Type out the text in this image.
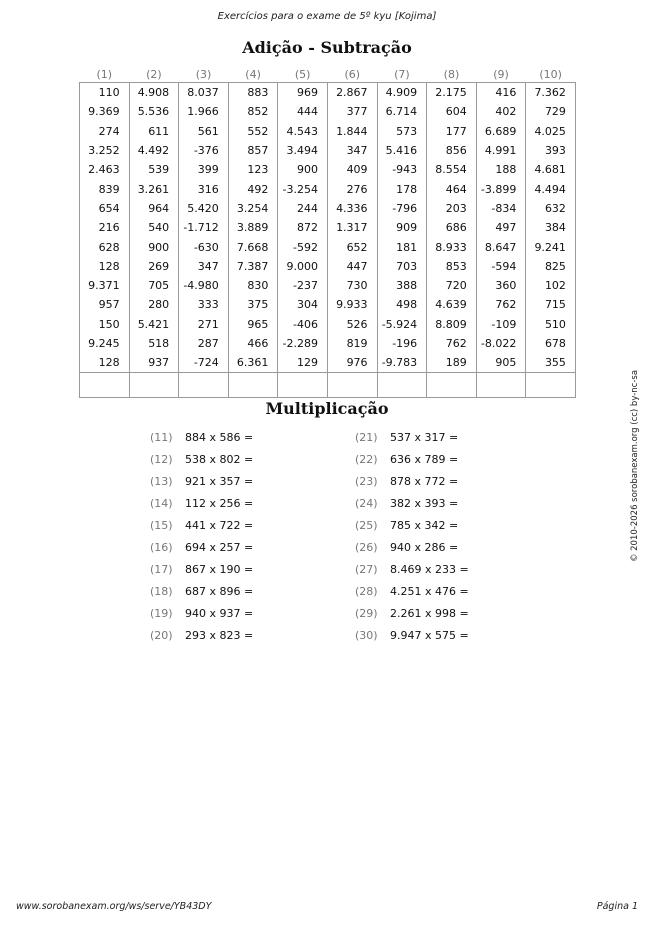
Exercícios para o exame de 5º kyu [Kojima]
Adição - Subtração
(1)	(2)	(3)	(4)	(5)	(6)	(7)	(8)	(9)	(10)
110	4.908	8.037	883	969	2.867	4.909	2.175	416	7.362
9.369	5.536	1.966	852	444	377	6.714	604	402	729
274	611	561	552	4.543	1.844	573	177	6.689	4.025
3.252	4.492	-376	857	3.494	347	5.416	856	4.991	393
2.463	539	399	123	900	409	-943	8.554	188	4.681
839	3.261	316	492	-3.254	276	178	464	-3.899	4.494
654	964	5.420	3.254	244	4.336	-796	203	-834	632
216	540	-1.712	3.889	872	1.317	909	686	497	384
628	900	-630	7.668	-592	652	181	8.933	8.647	9.241
128	269	347	7.387	9.000	447	703	853	-594	825
9.371	705	-4.980	830	-237	730	388	720	360	102
957	280	333	375	304	9.933	498	4.639	762	715
150	5.421	271	965	-406	526	-5.924	8.809	-109	510
9.245	518	287	466	-2.289	819	-196	762	-8.022	678
128	937	-724	6.361	129	976	-9.783	189	905	355

Multiplicação
(11) 884 x 586 =
(12) 538 x 802 =
(13) 921 x 357 =
(14) 112 x 256 =
(15) 441 x 722 =
(16) 694 x 257 =
(17) 867 x 190 =
(18) 687 x 896 =
(19) 940 x 937 =
(20) 293 x 823 =
(21) 537 x 317 =
(22) 636 x 789 =
(23) 878 x 772 =
(24) 382 x 393 =
(25) 785 x 342 =
(26) 940 x 286 =
(27) 8.469 x 233 =
(28) 4.251 x 476 =
(29) 2.261 x 998 =
(30) 9.947 x 575 =
© 2010-2026 sorobanexam.org (cc) by-nc-sa
www.sorobanexam.org/ws/serve/YB43DY	Página 1
